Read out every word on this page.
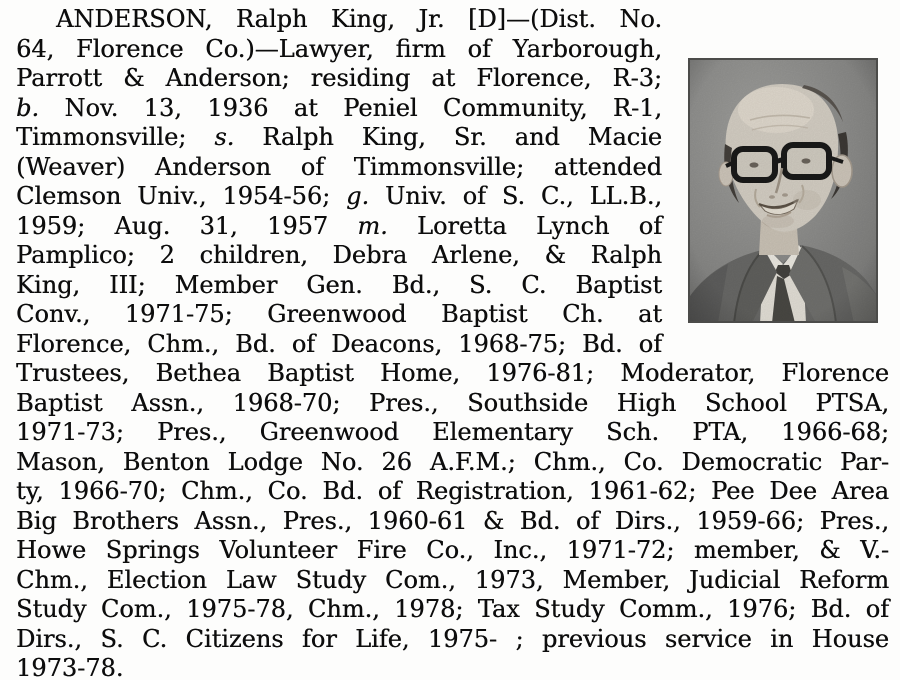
ANDERSON, Ralph King, Jr. [D]—(Dist. No.
64, Florence Co.)—Lawyer, firm of Yarborough,
Parrott & Anderson; residing at Florence, R-3;
b. Nov. 13, 1936 at Peniel Community, R-1,
Timmonsville; s. Ralph King, Sr. and Macie
(Weaver) Anderson of Timmonsville; attended
Clemson Univ., 1954-56; g. Univ. of S. C., LL.B.,
1959; Aug. 31, 1957 m. Loretta Lynch of
Pamplico; 2 children, Debra Arlene, & Ralph
King, III; Member Gen. Bd., S. C. Baptist
Conv., 1971-75; Greenwood Baptist Ch. at
Florence, Chm., Bd. of Deacons, 1968-75; Bd. of
Trustees, Bethea Baptist Home, 1976-81; Moderator, Florence
Baptist Assn., 1968-70; Pres., Southside High School PTSA,
1971-73; Pres., Greenwood Elementary Sch. PTA, 1966-68;
Mason, Benton Lodge No. 26 A.F.M.; Chm., Co. Democratic Par-
ty, 1966-70; Chm., Co. Bd. of Registration, 1961-62; Pee Dee Area
Big Brothers Assn., Pres., 1960-61 & Bd. of Dirs., 1959-66; Pres.,
Howe Springs Volunteer Fire Co., Inc., 1971-72; member, & V.-
Chm., Election Law Study Com., 1973, Member, Judicial Reform
Study Com., 1975-78, Chm., 1978; Tax Study Comm., 1976; Bd. of
Dirs., S. C. Citizens for Life, 1975- ; previous service in House
1973-78.
